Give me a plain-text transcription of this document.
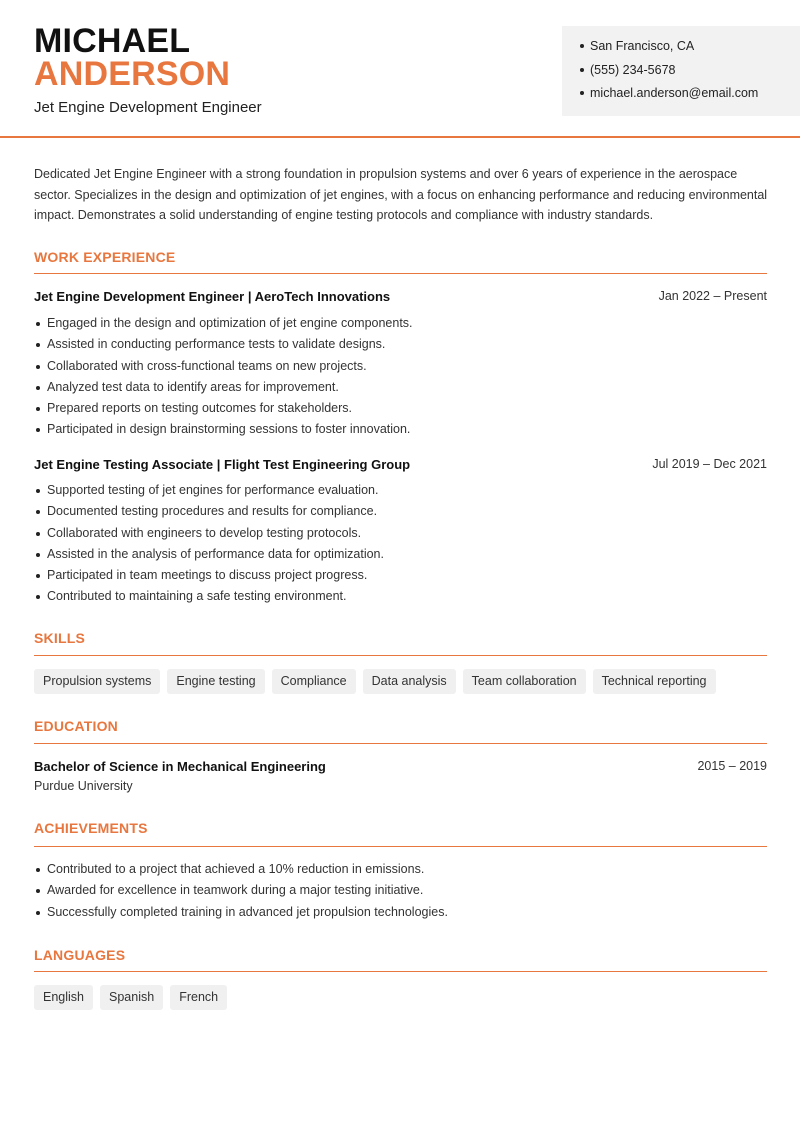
MICHAEL
ANDERSON
Jet Engine Development Engineer
San Francisco, CA
(555) 234-5678
michael.anderson@email.com

Dedicated Jet Engine Engineer with a strong foundation in propulsion systems and over 6 years of experience in the aerospace sector. Specializes in the design and optimization of jet engines, with a focus on enhancing performance and reducing environmental impact. Demonstrates a solid understanding of engine testing protocols and compliance with industry standards.

WORK EXPERIENCE
Jet Engine Development Engineer | AeroTech Innovations	Jan 2022 – Present
Engaged in the design and optimization of jet engine components.
Assisted in conducting performance tests to validate designs.
Collaborated with cross-functional teams on new projects.
Analyzed test data to identify areas for improvement.
Prepared reports on testing outcomes for stakeholders.
Participated in design brainstorming sessions to foster innovation.
Jet Engine Testing Associate | Flight Test Engineering Group	Jul 2019 – Dec 2021
Supported testing of jet engines for performance evaluation.
Documented testing procedures and results for compliance.
Collaborated with engineers to develop testing protocols.
Assisted in the analysis of performance data for optimization.
Participated in team meetings to discuss project progress.
Contributed to maintaining a safe testing environment.
SKILLS
Propulsion systems	Engine testing	Compliance	Data analysis	Team collaboration	Technical reporting
EDUCATION
Bachelor of Science in Mechanical Engineering	2015 – 2019
Purdue University
ACHIEVEMENTS
Contributed to a project that achieved a 10% reduction in emissions.
Awarded for excellence in teamwork during a major testing initiative.
Successfully completed training in advanced jet propulsion technologies.
LANGUAGES
English	Spanish	French
